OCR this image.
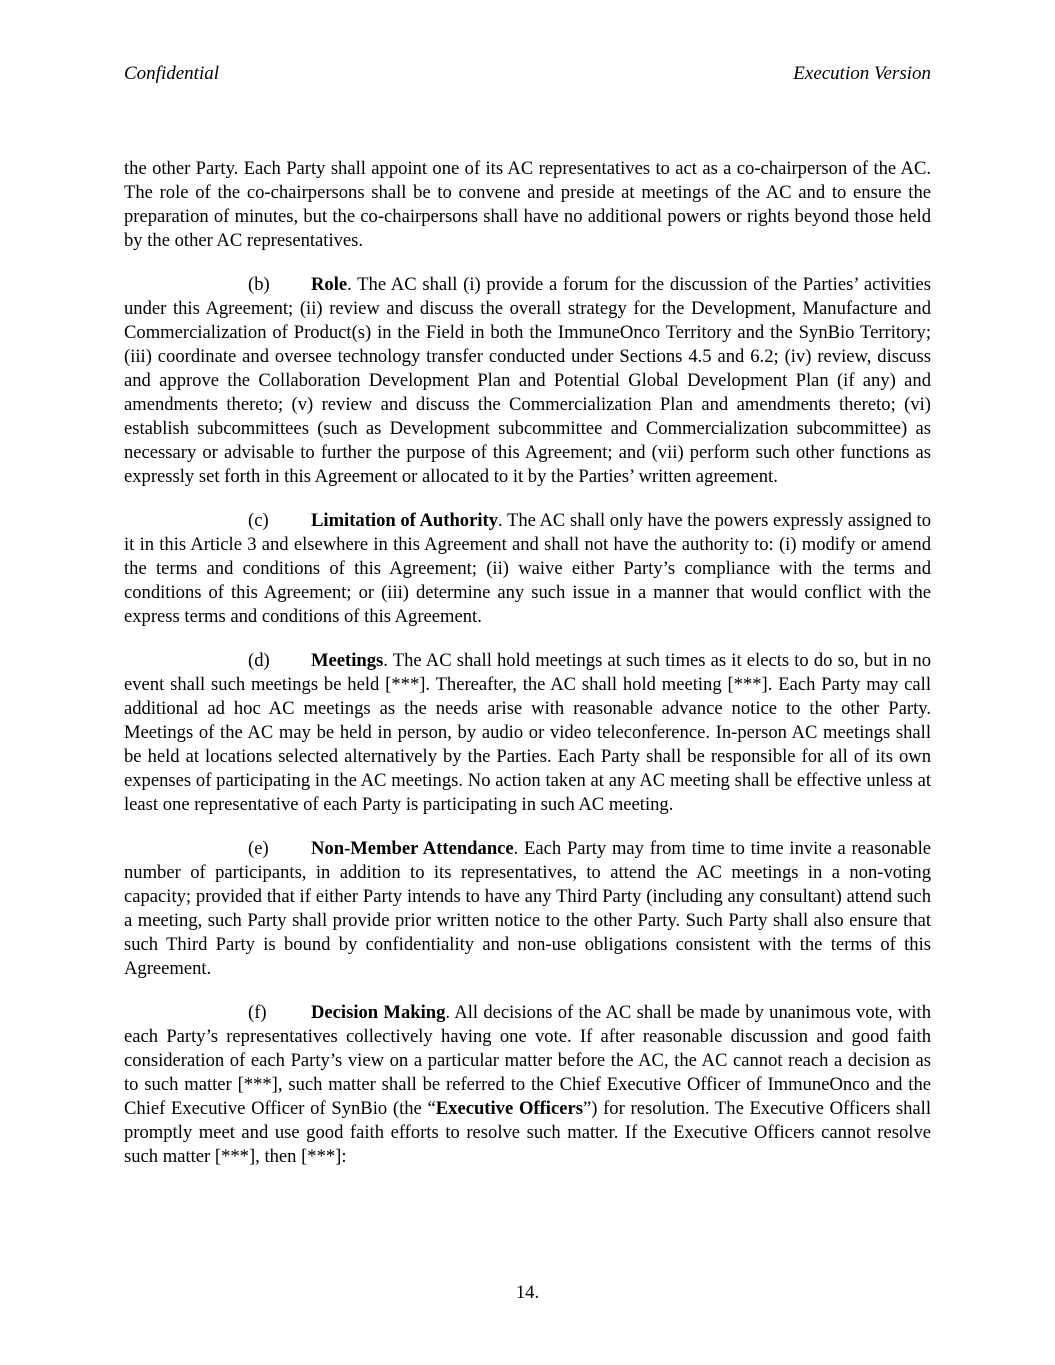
Confidential	Execution Version

the other Party. Each Party shall appoint one of its AC representatives to act as a co-chairperson of the AC. The role of the co-chairpersons shall be to convene and preside at meetings of the AC and to ensure the preparation of minutes, but the co-chairpersons shall have no additional powers or rights beyond those held by the other AC representatives.

(b) Role. The AC shall (i) provide a forum for the discussion of the Parties’ activities under this Agreement; (ii) review and discuss the overall strategy for the Development, Manufacture and Commercialization of Product(s) in the Field in both the ImmuneOnco Territory and the SynBio Territory; (iii) coordinate and oversee technology transfer conducted under Sections 4.5 and 6.2; (iv) review, discuss and approve the Collaboration Development Plan and Potential Global Development Plan (if any) and amendments thereto; (v) review and discuss the Commercialization Plan and amendments thereto; (vi) establish subcommittees (such as Development subcommittee and Commercialization subcommittee) as necessary or advisable to further the purpose of this Agreement; and (vii) perform such other functions as expressly set forth in this Agreement or allocated to it by the Parties’ written agreement.

(c) Limitation of Authority. The AC shall only have the powers expressly assigned to it in this Article 3 and elsewhere in this Agreement and shall not have the authority to: (i) modify or amend the terms and conditions of this Agreement; (ii) waive either Party’s compliance with the terms and conditions of this Agreement; or (iii) determine any such issue in a manner that would conflict with the express terms and conditions of this Agreement.

(d) Meetings. The AC shall hold meetings at such times as it elects to do so, but in no event shall such meetings be held [***]. Thereafter, the AC shall hold meeting [***]. Each Party may call additional ad hoc AC meetings as the needs arise with reasonable advance notice to the other Party. Meetings of the AC may be held in person, by audio or video teleconference. In-person AC meetings shall be held at locations selected alternatively by the Parties. Each Party shall be responsible for all of its own expenses of participating in the AC meetings. No action taken at any AC meeting shall be effective unless at least one representative of each Party is participating in such AC meeting.

(e) Non-Member Attendance. Each Party may from time to time invite a reasonable number of participants, in addition to its representatives, to attend the AC meetings in a non-voting capacity; provided that if either Party intends to have any Third Party (including any consultant) attend such a meeting, such Party shall provide prior written notice to the other Party. Such Party shall also ensure that such Third Party is bound by confidentiality and non-use obligations consistent with the terms of this Agreement.

(f) Decision Making. All decisions of the AC shall be made by unanimous vote, with each Party’s representatives collectively having one vote. If after reasonable discussion and good faith consideration of each Party’s view on a particular matter before the AC, the AC cannot reach a decision as to such matter [***], such matter shall be referred to the Chief Executive Officer of ImmuneOnco and the Chief Executive Officer of SynBio (the “Executive Officers”) for resolution. The Executive Officers shall promptly meet and use good faith efforts to resolve such matter. If the Executive Officers cannot resolve such matter [***], then [***]:

14.
